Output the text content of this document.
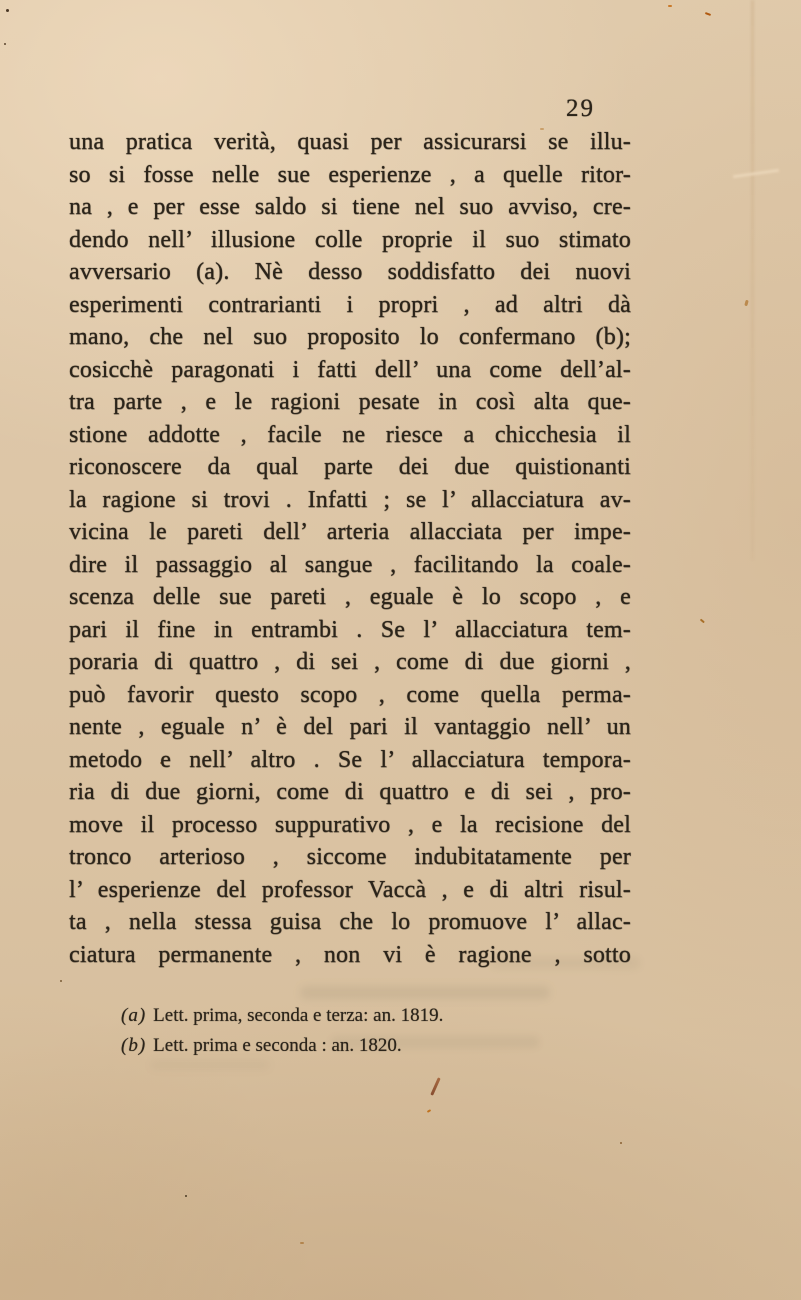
29
una pratica verità, quasi per assicurarsi se illu-
so si fosse nelle sue esperienze , a quelle ritor-
na , e per esse saldo si tiene nel suo avviso, cre-
dendo nell’ illusione colle proprie il suo stimato
avversario (a). Nè desso soddisfatto dei nuovi
esperimenti contrarianti i propri , ad altri dà
mano, che nel suo proposito lo confermano (b);
cosicchè paragonati i fatti dell’ una come dell’al-
tra parte , e le ragioni pesate in così alta que-
stione addotte , facile ne riesce a chicchesia il
riconoscere da qual parte dei due quistionanti
la ragione si trovi . Infatti ; se l’ allacciatura av-
vicina le pareti dell’ arteria allacciata per impe-
dire il passaggio al sangue , facilitando la coale-
scenza delle sue pareti , eguale è lo scopo , e
pari il fine in entrambi . Se l’ allacciatura tem-
poraria di quattro , di sei , come di due giorni ,
può favorir questo scopo , come quella perma-
nente , eguale n’ è del pari il vantaggio nell’ un
metodo e nell’ altro . Se l’ allacciatura tempora-
ria di due giorni, come di quattro e di sei , pro-
move il processo suppurativo , e la recisione del
tronco arterioso , siccome indubitatamente per
l’ esperienze del professor Vaccà , e di altri risul-
ta , nella stessa guisa che lo promuove l’ allac-
ciatura permanente , non vi è ragione , sotto
(a) Lett. prima, seconda e terza: an. 1819.
(b) Lett. prima e seconda : an. 1820.
